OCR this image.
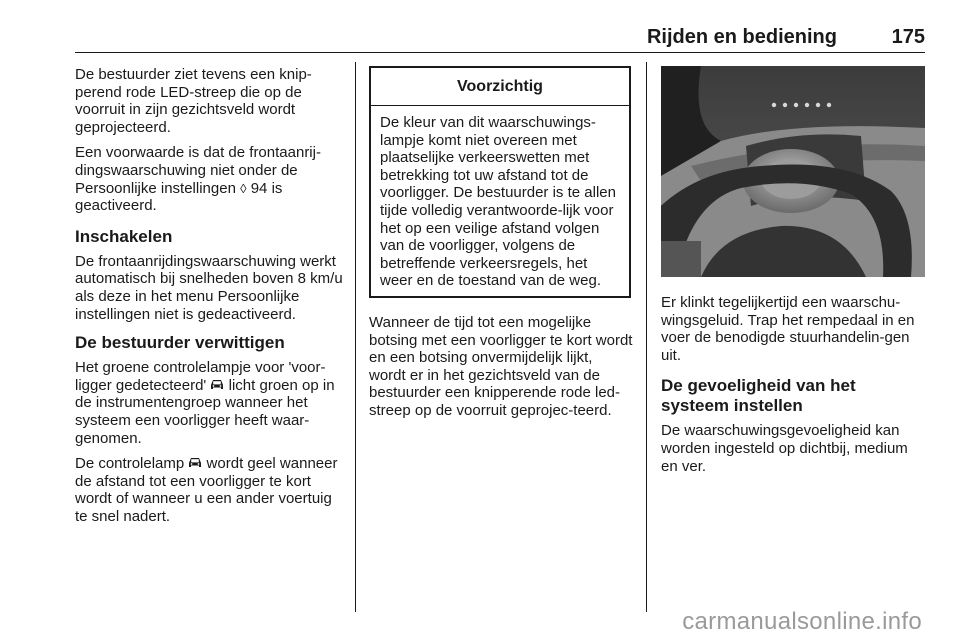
Rijden en bediening	175

De bestuurder ziet tevens een knip-perend rode LED-streep die op de voorruit in zijn gezichtsveld wordt geprojecteerd.

Een voorwaarde is dat de frontaanrij-dingswaarschuwing niet onder de Persoonlijke instellingen ◊ 94 is geactiveerd.

Inschakelen

De frontaanrijdingswaarschuwing werkt automatisch bij snelheden boven 8 km/u als deze in het menu Persoonlijke instellingen niet is gedeactiveerd.

De bestuurder verwittigen

Het groene controlelampje voor 'voor-ligger gedetecteerd'  licht groen op in de instrumentengroep wanneer het systeem een voorligger heeft waar-genomen.

De controlelamp  wordt geel wanneer de afstand tot een voorligger te kort wordt of wanneer u een ander voertuig te snel nadert.

Voorzichtig
De kleur van dit waarschuwings-lampje komt niet overeen met plaatselijke verkeerswetten met betrekking tot uw afstand tot de voorligger. De bestuurder is te allen tijde volledig verantwoorde-lijk voor het op een veilige afstand volgen van de voorligger, volgens de betreffende verkeersregels, het weer en de toestand van de weg.

Wanneer de tijd tot een mogelijke botsing met een voorligger te kort wordt en een botsing onvermijdelijk lijkt, wordt er in het gezichtsveld van de bestuurder een knipperende rode led-streep op de voorruit geprojec-teerd.

Er klinkt tegelijkertijd een waarschu-wingsgeluid. Trap het rempedaal in en voer de benodigde stuurhandelin-gen uit.

De gevoeligheid van het systeem instellen

De waarschuwingsgevoeligheid kan worden ingesteld op dichtbij, medium en ver.

carmanualsonline.info
